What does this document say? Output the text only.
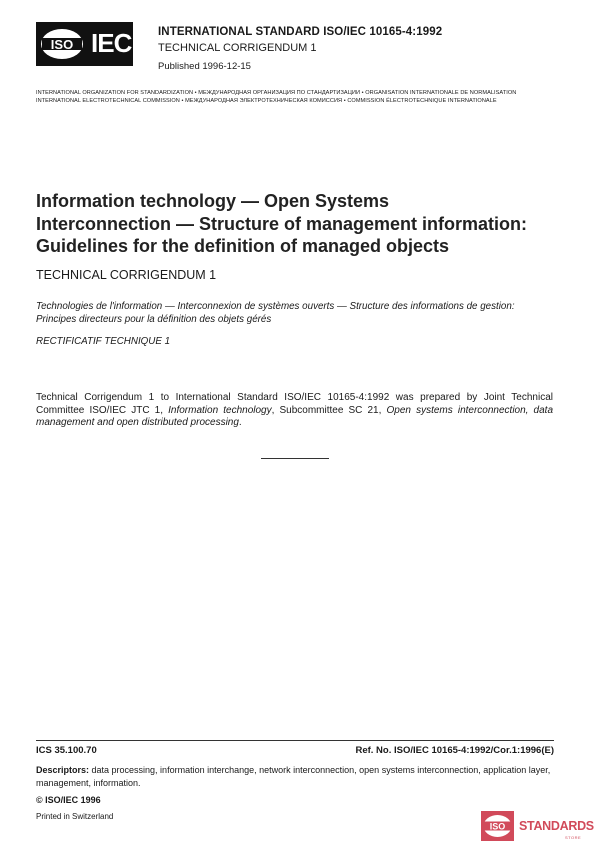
ISO IEC INTERNATIONAL STANDARD ISO/IEC 10165-4:1992
TECHNICAL CORRIGENDUM 1
Published 1996-12-15
INTERNATIONAL ORGANIZATION FOR STANDARDIZATION • МЕЖДУНАРОДНАЯ ОРГАНИЗАЦИЯ ПО СТАНДАРТИЗАЦИИ • ORGANISATION INTERNATIONALE DE NORMALISATION
INTERNATIONAL ELECTROTECHNICAL COMMISSION • МЕЖДУНАРОДНАЯ ЭЛЕКТРОТЕХНИЧЕСКАЯ КОМИССИЯ • COMMISSION ÉLECTROTECHNIQUE INTERNATIONALE
Information technology — Open Systems
Interconnection — Structure of management information:
Guidelines for the definition of managed objects
TECHNICAL CORRIGENDUM 1
Technologies de l'information — Interconnexion de systèmes ouverts — Structure des informations de gestion:
Principes directeurs pour la définition des objets gérés
RECTIFICATIF TECHNIQUE 1
Technical Corrigendum 1 to International Standard ISO/IEC 10165-4:1992 was prepared by Joint Technical Committee ISO/IEC JTC 1, Information technology, Subcommittee SC 21, Open systems interconnection, data management and open distributed processing.
ICS 35.100.70	Ref. No. ISO/IEC 10165-4:1992/Cor.1:1996(E)
Descriptors: data processing, information interchange, network interconnection, open systems interconnection, application layer, management, information.
© ISO/IEC 1996
Printed in Switzerland
ISO STANDARDS
STORE
